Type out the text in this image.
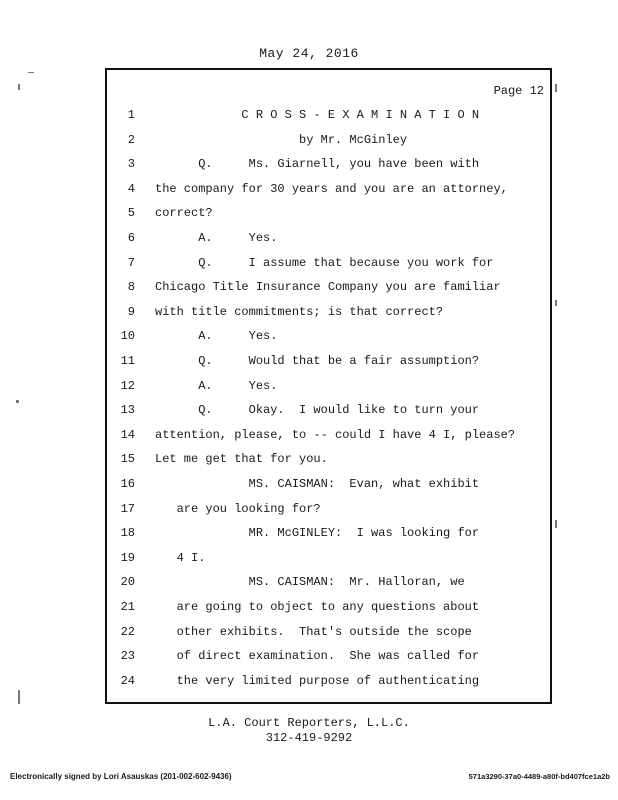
May 24, 2016
Page 12
1 C R O S S - E X A M I N A T I O N
2 by Mr. McGinley
3 Q.     Ms. Giarnell, you have been with
4 the company for 30 years and you are an attorney,
5 correct?
6 A.     Yes.
7 Q.     I assume that because you work for
8 Chicago Title Insurance Company you are familiar
9 with title commitments; is that correct?
10 A.     Yes.
11 Q.     Would that be a fair assumption?
12 A.     Yes.
13 Q.     Okay.  I would like to turn your
14 attention, please, to -- could I have 4 I, please?
15 Let me get that for you.
16 MS. CAISMAN:  Evan, what exhibit
17 are you looking for?
18 MR. McGINLEY:  I was looking for
19 4 I.
20 MS. CAISMAN:  Mr. Halloran, we
21 are going to object to any questions about
22 other exhibits.  That's outside the scope
23 of direct examination.  She was called for
24 the very limited purpose of authenticating
L.A. Court Reporters, L.L.C.
312-419-9292
Electronically signed by Lori Asauskas (201-002-602-9436)	571a3290-37a0-4489-a80f-bd407fce1a2b
